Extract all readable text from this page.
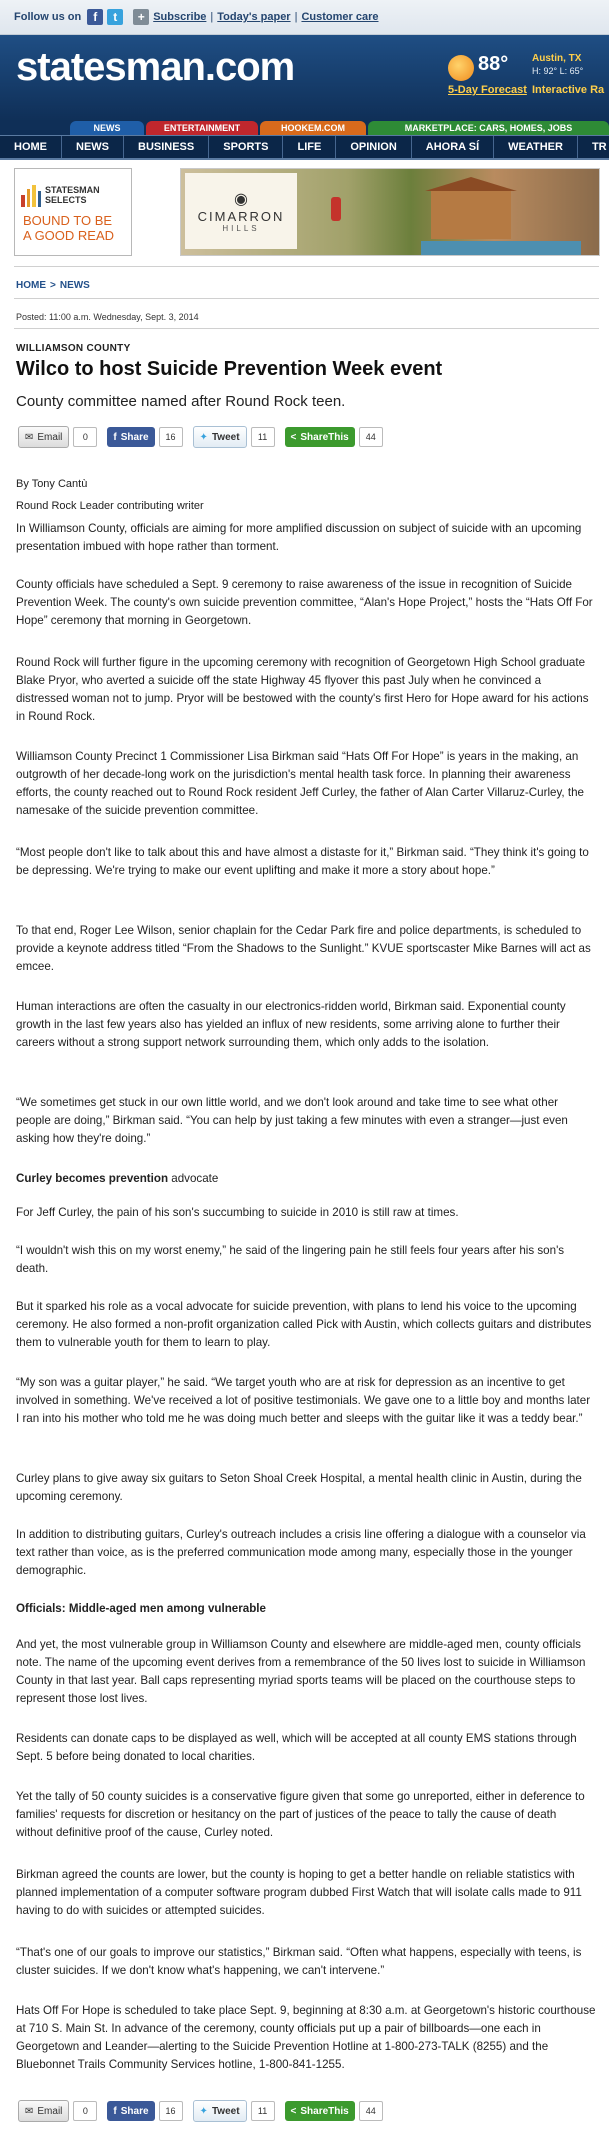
Follow us on	f	t	+ Subscribe | Today's paper | Customer care
statesman.com	88° Austin, TX
H: 92° L: 65°
5-Day Forecast Interactive Ra
NEWS	ENTERTAINMENT	HOOKEM.COM	MARKETPLACE: CARS, HOMES, JOBS
HOME	NEWS	BUSINESS	SPORTS	LIFE	OPINION	AHORA SÍ	WEATHER	TR
STATESMAN
SELECTS
BOUND TO BE
A GOOD READ
◉
CIMARRON
HILLS
HOME > NEWS
Posted: 11:00 a.m. Wednesday, Sept. 3, 2014
WILLIAMSON COUNTY
Wilco to host Suicide Prevention Week event
County committee named after Round Rock teen.
✉ Email	0	f Share	16	✦ Tweet	11	< ShareThis	44
By Tony Cantù
Round Rock Leader contributing writer

In Williamson County, officials are aiming for more amplified discussion on subject of suicide with an upcoming presentation imbued with hope rather than torment.

County officials have scheduled a Sept. 9 ceremony to raise awareness of the issue in recognition of Suicide Prevention Week. The county's own suicide prevention committee, “Alan's Hope Project,” hosts the “Hats Off For Hope” ceremony that morning in Georgetown.

Round Rock will further figure in the upcoming ceremony with recognition of Georgetown High School graduate Blake Pryor, who averted a suicide off the state Highway 45 flyover this past July when he convinced a distressed woman not to jump. Pryor will be bestowed with the county's first Hero for Hope award for his actions in Round Rock.

Williamson County Precinct 1 Commissioner Lisa Birkman said “Hats Off For Hope” is years in the making, an outgrowth of her decade-long work on the jurisdiction's mental health task force. In planning their awareness efforts, the county reached out to Round Rock resident Jeff Curley, the father of Alan Carter Villaruz-Curley, the namesake of the suicide prevention committee.

“Most people don't like to talk about this and have almost a distaste for it,” Birkman said. “They think it's going to be depressing. We're trying to make our event uplifting and make it more a story about hope.”

To that end, Roger Lee Wilson, senior chaplain for the Cedar Park fire and police departments, is scheduled to provide a keynote address titled “From the Shadows to the Sunlight.” KVUE sportscaster Mike Barnes will act as emcee.

Human interactions are often the casualty in our electronics-ridden world, Birkman said. Exponential county growth in the last few years also has yielded an influx of new residents, some arriving alone to further their careers without a strong support network surrounding them, which only adds to the isolation.

“We sometimes get stuck in our own little world, and we don't look around and take time to see what other people are doing,” Birkman said. “You can help by just taking a few minutes with even a stranger—just even asking how they're doing.”

Curley becomes prevention advocate

For Jeff Curley, the pain of his son's succumbing to suicide in 2010 is still raw at times.

“I wouldn't wish this on my worst enemy,” he said of the lingering pain he still feels four years after his son's death.

But it sparked his role as a vocal advocate for suicide prevention, with plans to lend his voice to the upcoming ceremony. He also formed a non-profit organization called Pick with Austin, which collects guitars and distributes them to vulnerable youth for them to learn to play.

“My son was a guitar player,” he said. “We target youth who are at risk for depression as an incentive to get involved in something. We've received a lot of positive testimonials. We gave one to a little boy and months later I ran into his mother who told me he was doing much better and sleeps with the guitar like it was a teddy bear.”

Curley plans to give away six guitars to Seton Shoal Creek Hospital, a mental health clinic in Austin, during the upcoming ceremony.

In addition to distributing guitars, Curley's outreach includes a crisis line offering a dialogue with a counselor via text rather than voice, as is the preferred communication mode among many, especially those in the younger demographic.

Officials: Middle-aged men among vulnerable

And yet, the most vulnerable group in Williamson County and elsewhere are middle-aged men, county officials note. The name of the upcoming event derives from a remembrance of the 50 lives lost to suicide in Williamson County in that last year. Ball caps representing myriad sports teams will be placed on the courthouse steps to represent those lost lives.

Residents can donate caps to be displayed as well, which will be accepted at all county EMS stations through Sept. 5 before being donated to local charities.

Yet the tally of 50 county suicides is a conservative figure given that some go unreported, either in deference to families' requests for discretion or hesitancy on the part of justices of the peace to tally the cause of death without definitive proof of the cause, Curley noted.

Birkman agreed the counts are lower, but the county is hoping to get a better handle on reliable statistics with planned implementation of a computer software program dubbed First Watch that will isolate calls made to 911 having to do with suicides or attempted suicides.

“That's one of our goals to improve our statistics,” Birkman said. “Often what happens, especially with teens, is cluster suicides. If we don't know what's happening, we can't intervene.”

Hats Off For Hope is scheduled to take place Sept. 9, beginning at 8:30 a.m. at Georgetown's historic courthouse at 710 S. Main St. In advance of the ceremony, county officials put up a pair of billboards—one each in Georgetown and Leander—alerting to the Suicide Prevention Hotline at 1-800-273-TALK (8255) and the Bluebonnet Trails Community Services hotline, 1-800-841-1255.

✉ Email	0	f Share	16	✦ Tweet	11	< ShareThis	44
